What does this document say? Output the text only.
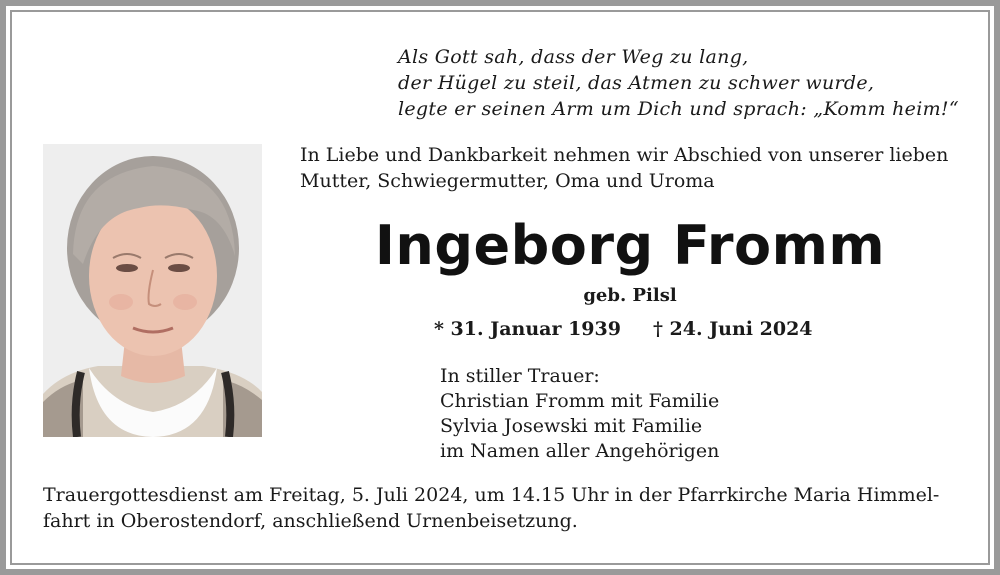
Als Gott sah, dass der Weg zu lang,
der Hügel zu steil, das Atmen zu schwer wurde,
legte er seinen Arm um Dich und sprach: „Komm heim!“
In Liebe und Dankbarkeit nehmen wir Abschied von unserer lieben
Mutter, Schwiegermutter, Oma und Uroma
Ingeborg Fromm
geb. Pilsl
* 31. Januar 1939 † 24. Juni 2024
In stiller Trauer:
Christian Fromm mit Familie
Sylvia Josewski mit Familie
im Namen aller Angehörigen
Trauergottesdienst am Freitag, 5. Juli 2024, um 14.15 Uhr in der Pfarrkirche Maria Himmel-
fahrt in Oberostendorf, anschließend Urnenbeisetzung.
